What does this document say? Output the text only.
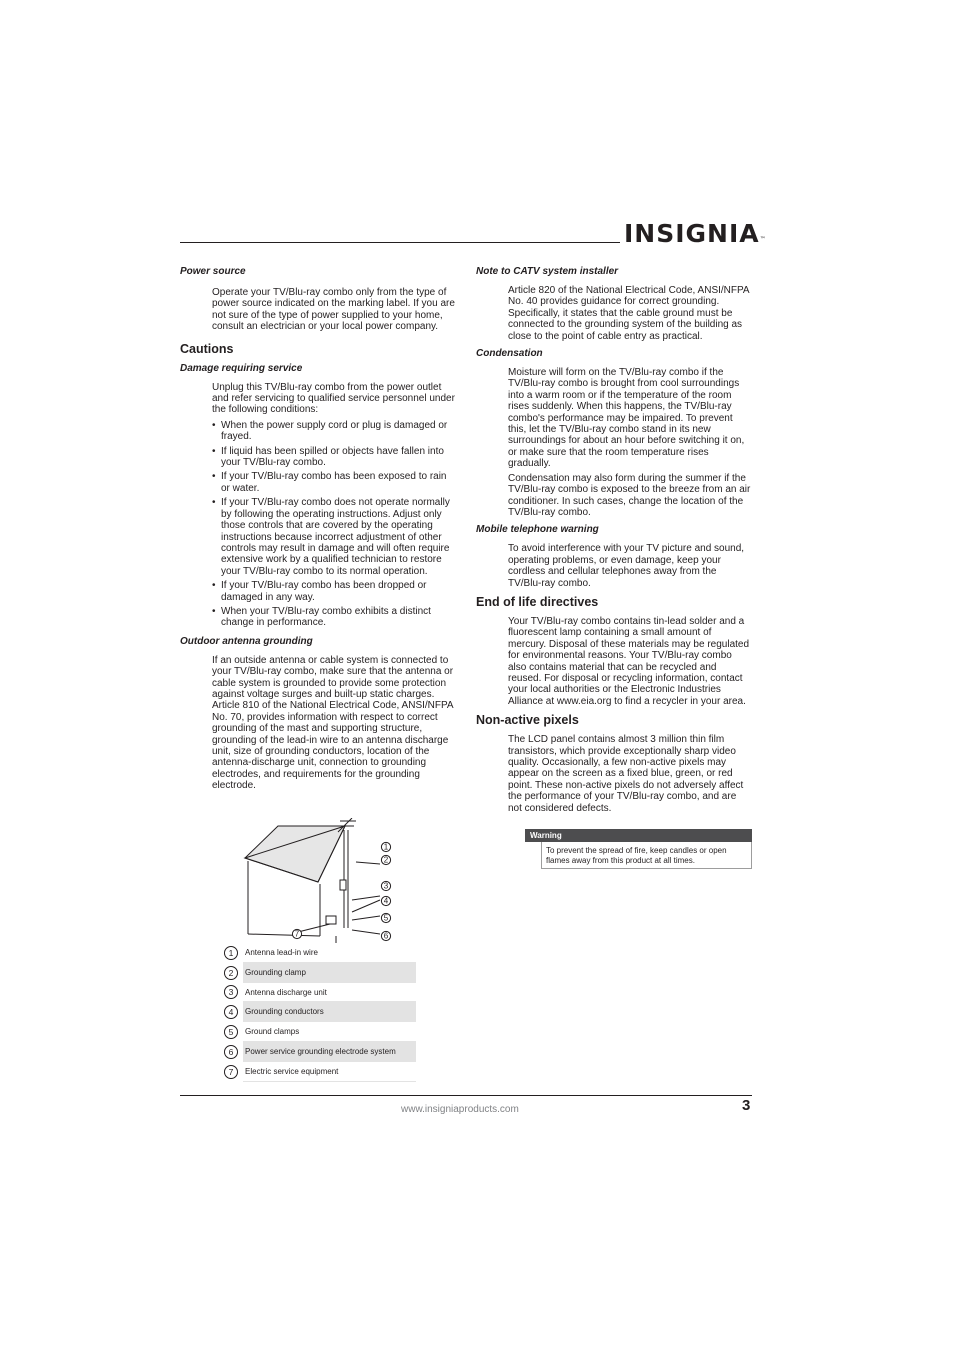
INSIGNIA™
Power source
Operate your TV/Blu-ray combo only from the type of power source indicated on the marking label. If you are not sure of the type of power supplied to your home, consult an electrician or your local power company.
Cautions
Damage requiring service
Unplug this TV/Blu-ray combo from the power outlet and refer servicing to qualified service personnel under the following conditions:
• When the power supply cord or plug is damaged or frayed.
• If liquid has been spilled or objects have fallen into your TV/Blu-ray combo.
• If your TV/Blu-ray combo has been exposed to rain or water.
• If your TV/Blu-ray combo does not operate normally by following the operating instructions. Adjust only those controls that are covered by the operating instructions because incorrect adjustment of other controls may result in damage and will often require extensive work by a qualified technician to restore your TV/Blu-ray combo to its normal operation.
• If your TV/Blu-ray combo has been dropped or damaged in any way.
• When your TV/Blu-ray combo exhibits a distinct change in performance.
Outdoor antenna grounding
If an outside antenna or cable system is connected to your TV/Blu-ray combo, make sure that the antenna or cable system is grounded to provide some protection against voltage surges and built-up static charges. Article 810 of the National Electrical Code, ANSI/NFPA No. 70, provides information with respect to correct grounding of the mast and supporting structure, grounding of the lead-in wire to an antenna discharge unit, size of grounding conductors, location of the antenna-discharge unit, connection to grounding electrodes, and requirements for the grounding electrode.
1
2
3
4
5
6
7
1	Antenna lead-in wire
2	Grounding clamp
3	Antenna discharge unit
4	Grounding conductors
5	Ground clamps
6	Power service grounding electrode system
7	Electric service equipment
Note to CATV system installer
Article 820 of the National Electrical Code, ANSI/NFPA No. 40 provides guidance for correct grounding. Specifically, it states that the cable ground must be connected to the grounding system of the building as close to the point of cable entry as practical.
Condensation
Moisture will form on the TV/Blu-ray combo if the TV/Blu-ray combo is brought from cool surroundings into a warm room or if the temperature of the room rises suddenly. When this happens, the TV/Blu-ray combo's performance may be impaired. To prevent this, let the TV/Blu-ray combo stand in its new surroundings for about an hour before switching it on, or make sure that the room temperature rises gradually.
Condensation may also form during the summer if the TV/Blu-ray combo is exposed to the breeze from an air conditioner. In such cases, change the location of the TV/Blu-ray combo.
Mobile telephone warning
To avoid interference with your TV picture and sound, operating problems, or even damage, keep your cordless and cellular telephones away from the TV/Blu-ray combo.
End of life directives
Your TV/Blu-ray combo contains tin-lead solder and a fluorescent lamp containing a small amount of mercury. Disposal of these materials may be regulated for environmental reasons. Your TV/Blu-ray combo also contains material that can be recycled and reused. For disposal or recycling information, contact your local authorities or the Electronic Industries Alliance at www.eia.org to find a recycler in your area.
Non-active pixels
The LCD panel contains almost 3 million thin film transistors, which provide exceptionally sharp video quality. Occasionally, a few non-active pixels may appear on the screen as a fixed blue, green, or red point. These non-active pixels do not adversely affect the performance of your TV/Blu-ray combo, and are not considered defects.
Warning
To prevent the spread of fire, keep candles or open flames away from this product at all times.
www.insigniaproducts.com	3
